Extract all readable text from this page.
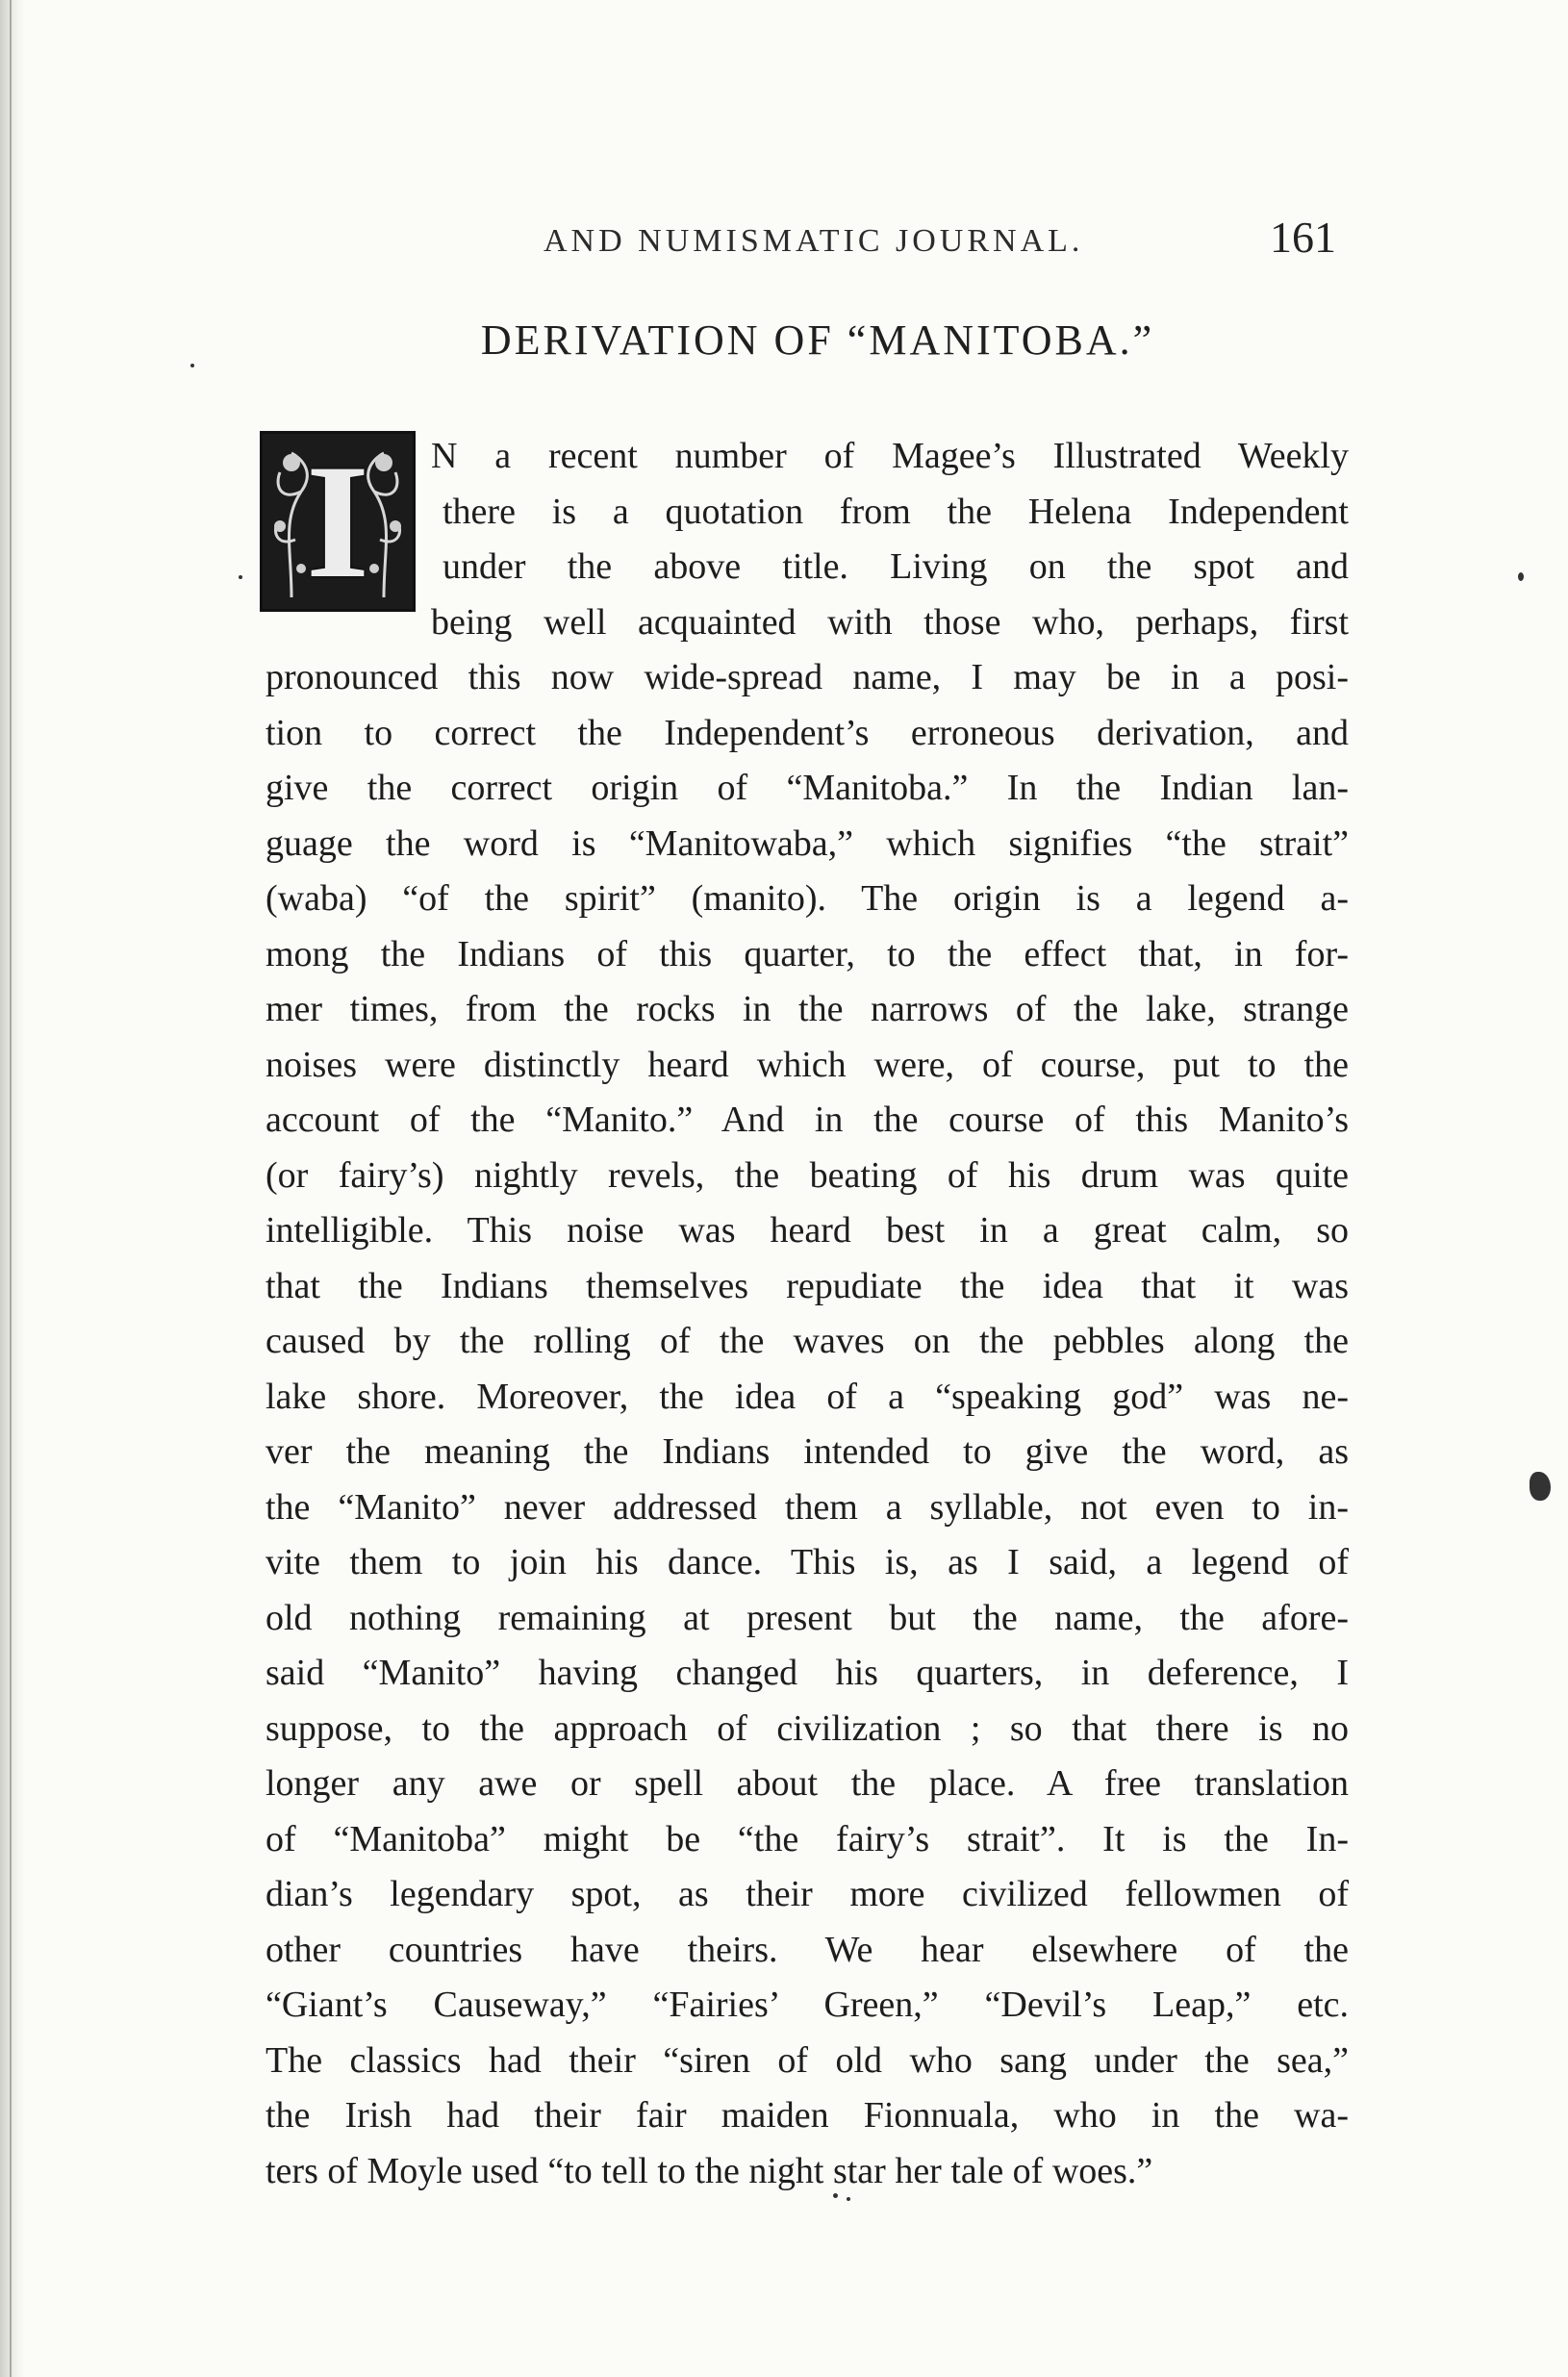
AND NUMISMATIC JOURNAL.	161
DERIVATION OF “MANITOBA.”
I	N a recent number of Magee’s Illustrated Weekly
there is a quotation from the Helena Independent
under the above title. Living on the spot and
being well acquainted with those who, perhaps, first
pronounced this now wide-spread name, I may be in a posi-
tion to correct the Independent’s erroneous derivation, and
give the correct origin of “Manitoba.” In the Indian lan-
guage the word is “Manitowaba,” which signifies “the strait”
(waba) “of the spirit” (manito). The origin is a legend a-
mong the Indians of this quarter, to the effect that, in for-
mer times, from the rocks in the narrows of the lake, strange
noises were distinctly heard which were, of course, put to the
account of the “Manito.” And in the course of this Manito’s
(or fairy’s) nightly revels, the beating of his drum was quite
intelligible. This noise was heard best in a great calm, so
that the Indians themselves repudiate the idea that it was
caused by the rolling of the waves on the pebbles along the
lake shore. Moreover, the idea of a “speaking god” was ne-
ver the meaning the Indians intended to give the word, as
the “Manito” never addressed them a syllable, not even to in-
vite them to join his dance. This is, as I said, a legend of
old nothing remaining at present but the name, the afore-
said “Manito” having changed his quarters, in deference, I
suppose, to the approach of civilization ; so that there is no
longer any awe or spell about the place. A free translation
of “Manitoba” might be “the fairy’s strait”. It is the In-
dian’s legendary spot, as their more civilized fellowmen of
other countries have theirs. We hear elsewhere of the
“Giant’s Causeway,” “Fairies’ Green,” “Devil’s Leap,” etc.
The classics had their “siren of old who sang under the sea,”
the Irish had their fair maiden Fionnuala, who in the wa-
ters of Moyle used “to tell to the night star her tale of woes.”
